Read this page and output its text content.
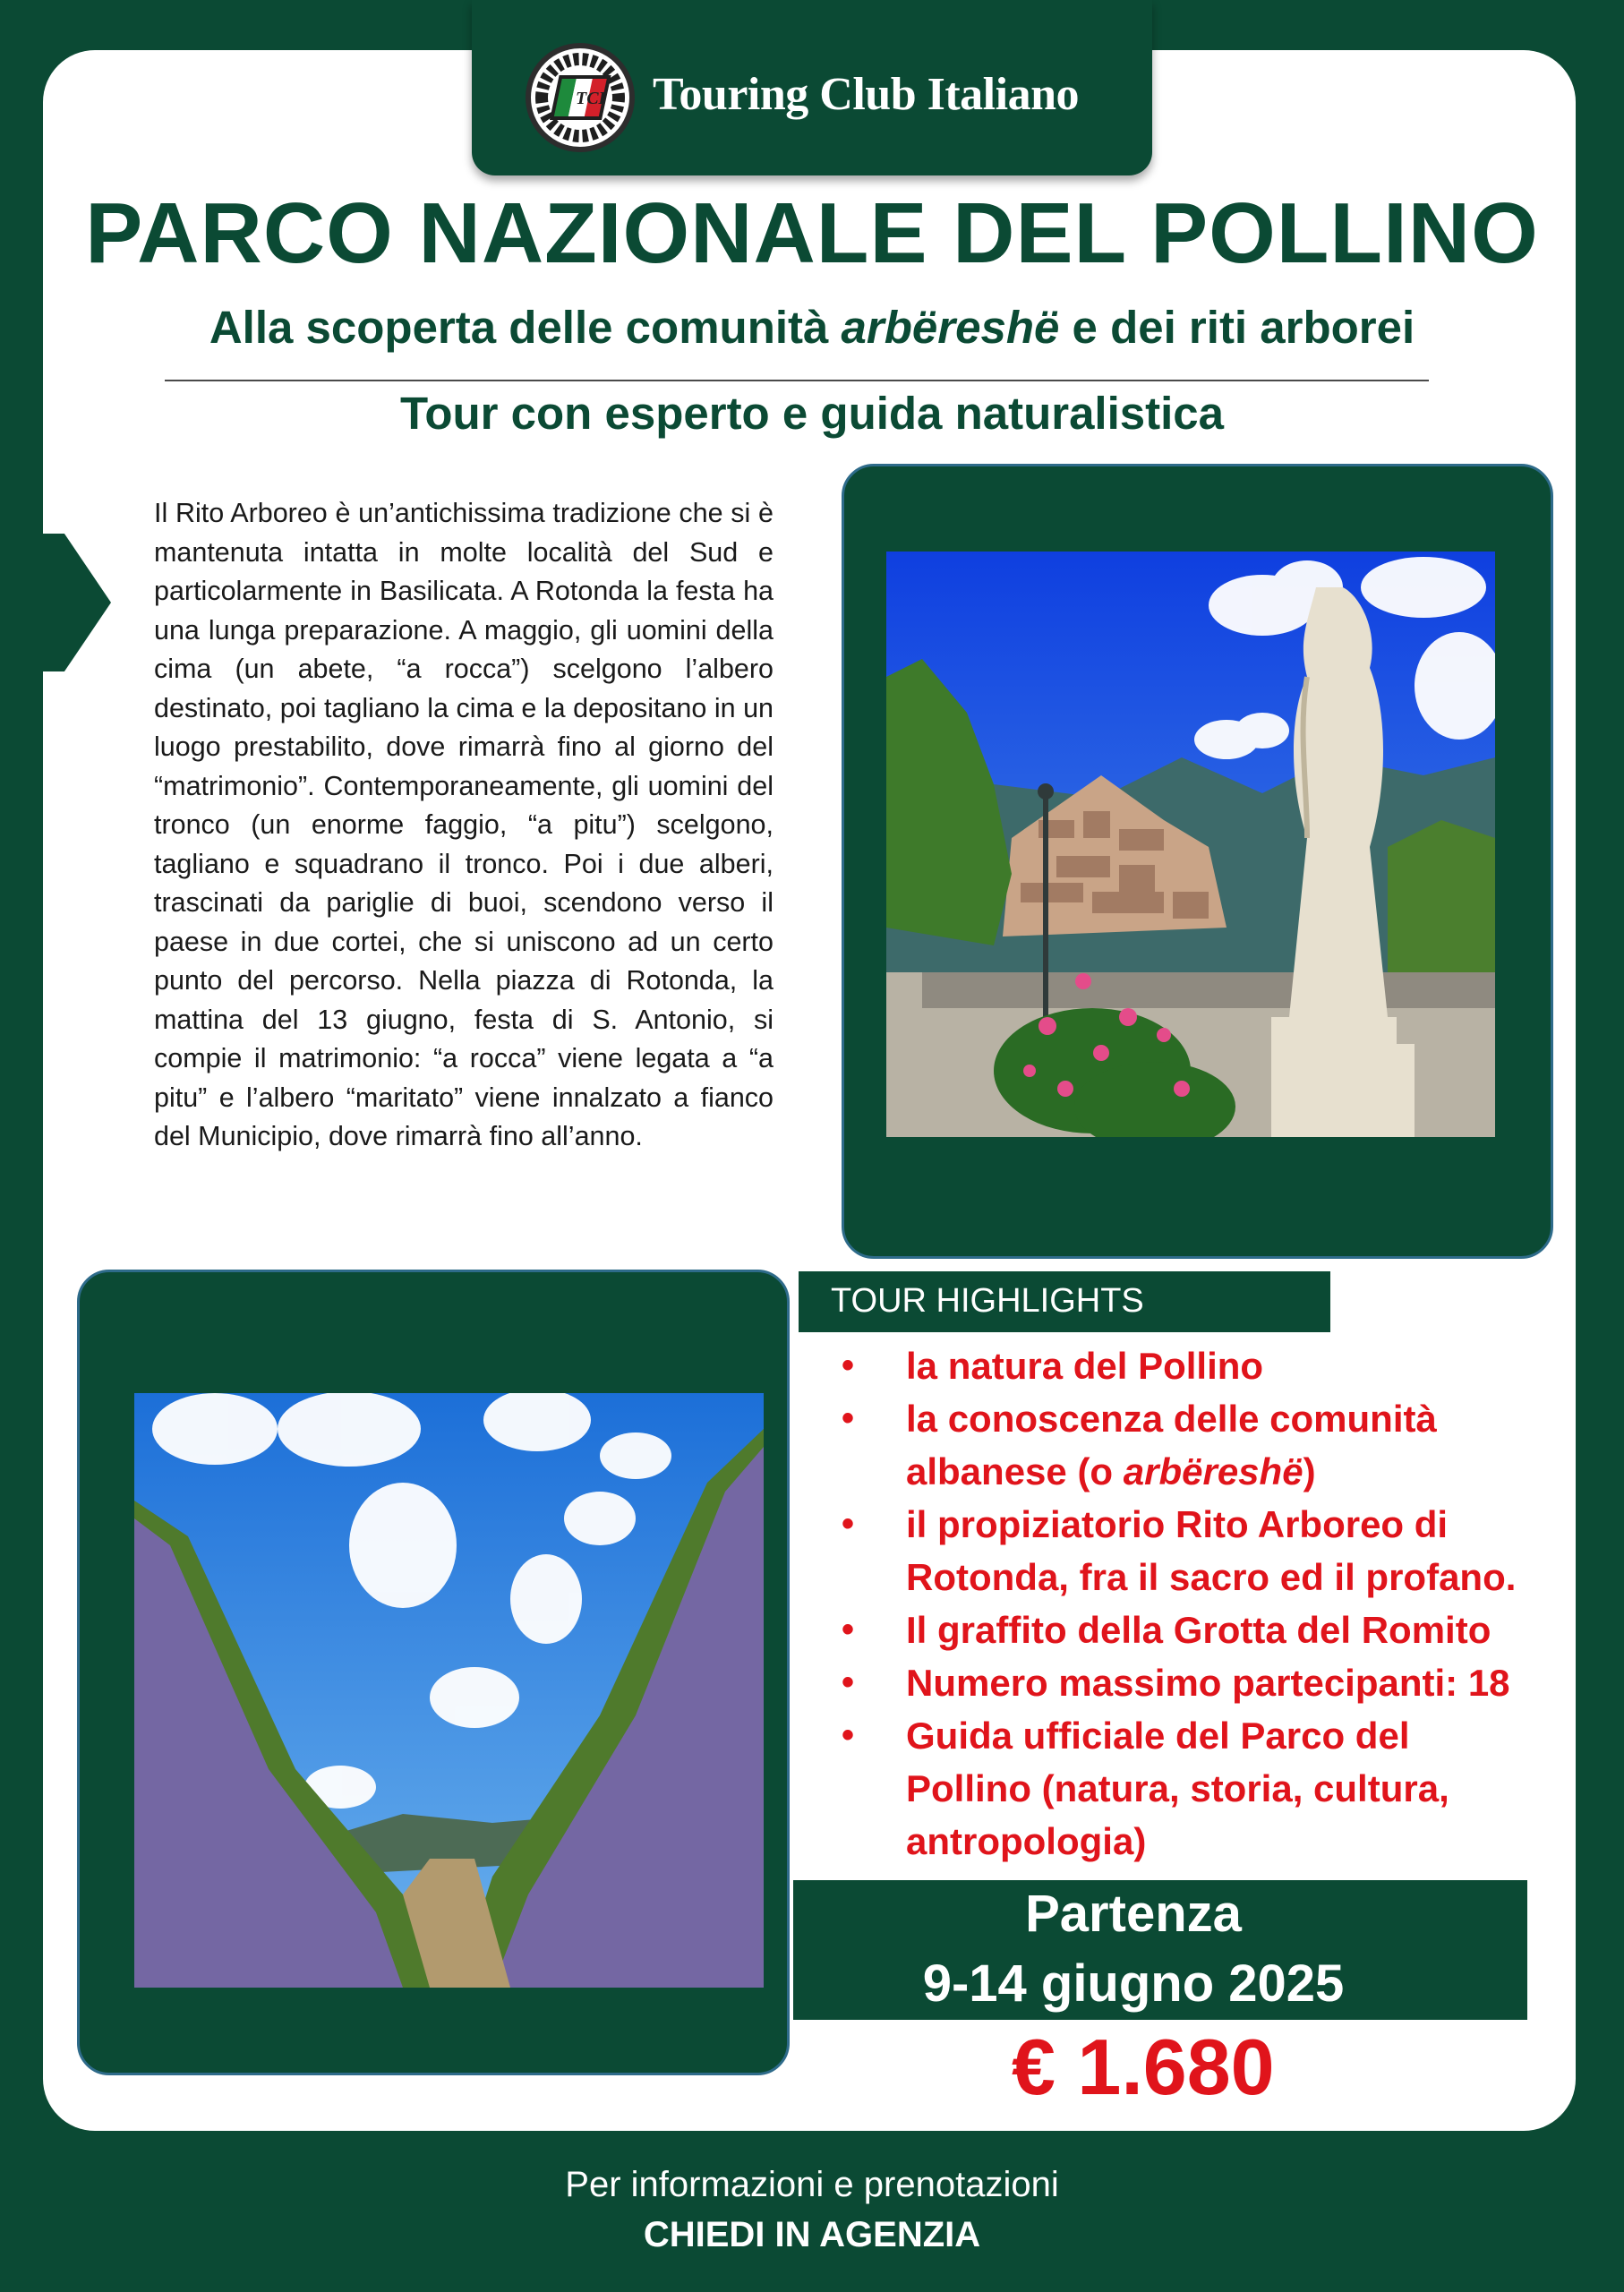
TCI Touring Club Italiano
PARCO NAZIONALE DEL POLLINO
Alla scoperta delle comunità arbëreshë e dei riti arborei
Tour con esperto e guida naturalistica
Il Rito Arboreo è un’antichissima tradizione che si è mantenuta intatta in molte località del Sud e particolarmente in Basilicata. A Rotonda la festa ha una lunga preparazione. A maggio, gli uomini della cima (un abete, “a rocca”) scelgono l’albero destinato, poi tagliano la cima e la depositano in un luogo prestabilito, dove rimarrà fino al giorno del “matrimonio”. Contemporaneamente, gli uomini del tronco (un enorme faggio, “a pitu”) scelgono, tagliano e squadrano il tronco. Poi i due alberi, trascinati da pariglie di buoi, scendono verso il paese in due cortei, che si uniscono ad un certo punto del percorso. Nella piazza di Rotonda, la mattina del 13 giugno, festa di S. Antonio, si compie il matrimonio: “a rocca” viene legata a “a pitu” e l’albero “maritato” viene innalzato a fianco del Municipio, dove rimarrà fino all’anno.
TOUR HIGHLIGHTS
• la natura del Pollino
• la conoscenza delle comunità
albanese (o arbëreshë)
• il propiziatorio Rito Arboreo di
Rotonda, fra il sacro ed il profano.
• Il graffito della Grotta del Romito
• Numero massimo partecipanti: 18
• Guida ufficiale del Parco del
Pollino (natura, storia, cultura,
antropologia)
Partenza
9-14 giugno 2025
€ 1.680
Per informazioni e prenotazioni
CHIEDI IN AGENZIA
